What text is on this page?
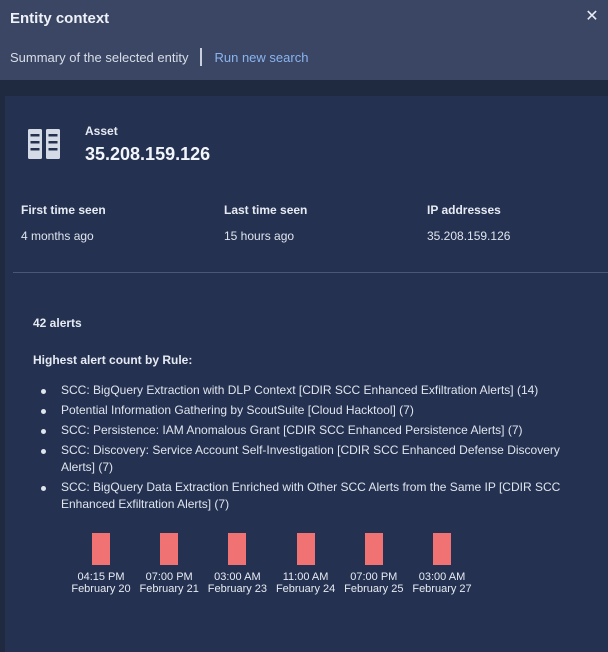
Entity context	✕
Summary of the selected entity Run new search
Asset
35.208.159.126
First time seen
4 months ago
Last time seen
15 hours ago
IP addresses
35.208.159.126
42 alerts
Highest alert count by Rule:
SCC: BigQuery Extraction with DLP Context [CDIR SCC Enhanced Exfiltration Alerts] (14)
Potential Information Gathering by ScoutSuite [Cloud Hacktool] (7)
SCC: Persistence: IAM Anomalous Grant [CDIR SCC Enhanced Persistence Alerts] (7)
SCC: Discovery: Service Account Self-Investigation [CDIR SCC Enhanced Defense Discovery Alerts] (7)
SCC: BigQuery Data Extraction Enriched with Other SCC Alerts from the Same IP [CDIR SCC Enhanced Exfiltration Alerts] (7)
04:15 PM
February 20
07:00 PM
February 21
03:00 AM
February 23
11:00 AM
February 24
07:00 PM
February 25
03:00 AM
February 27
